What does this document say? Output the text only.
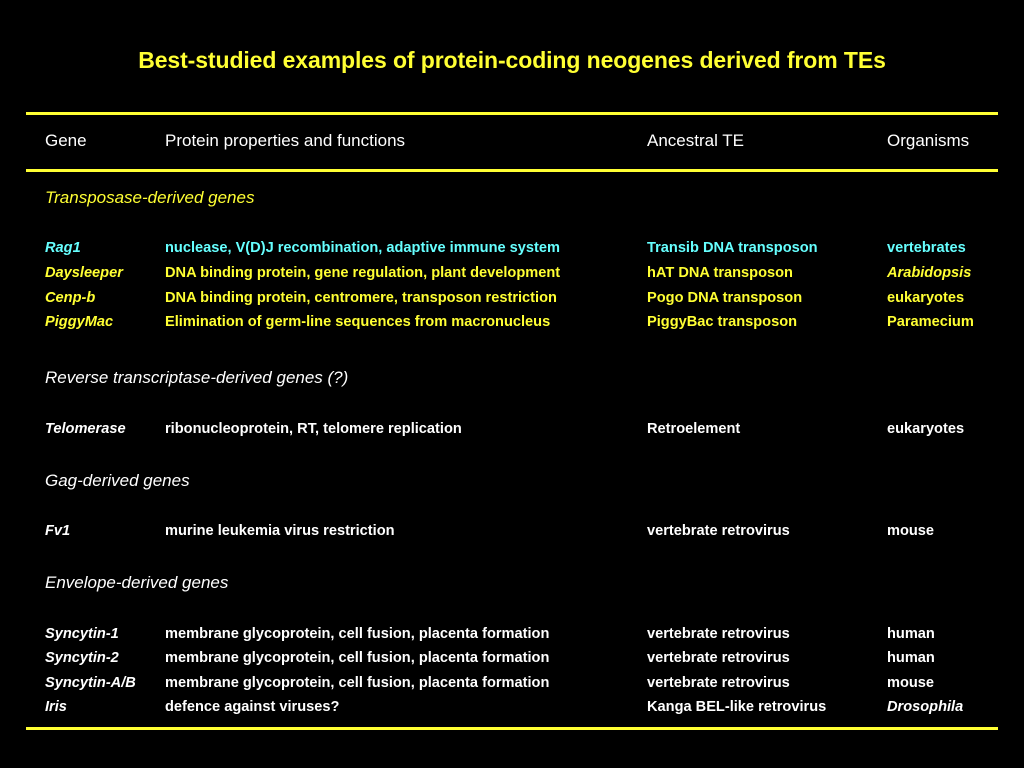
Best-studied examples of protein-coding neogenes derived from TEs
Gene	Protein properties and functions	Ancestral TE	Organisms
Transposase-derived genes
Rag1	nuclease, V(D)J recombination, adaptive immune system	Transib DNA transposon	vertebrates
Daysleeper	DNA binding protein, gene regulation, plant development	hAT DNA transposon	Arabidopsis
Cenp-b	DNA binding protein, centromere, transposon restriction	Pogo DNA transposon	eukaryotes
PiggyMac	Elimination of germ-line sequences from macronucleus	PiggyBac transposon	Paramecium
Reverse transcriptase-derived genes (?)
Telomerase	ribonucleoprotein, RT, telomere replication	Retroelement	eukaryotes
Gag-derived genes
Fv1	murine leukemia virus restriction	vertebrate retrovirus	mouse
Envelope-derived genes
Syncytin-1	membrane glycoprotein, cell fusion, placenta formation	vertebrate retrovirus	human
Syncytin-2	membrane glycoprotein, cell fusion, placenta formation	vertebrate retrovirus	human
Syncytin-A/B membrane glycoprotein, cell fusion, placenta formation	vertebrate retrovirus	mouse
Iris	defence against viruses?	Kanga BEL-like retrovirus	Drosophila
